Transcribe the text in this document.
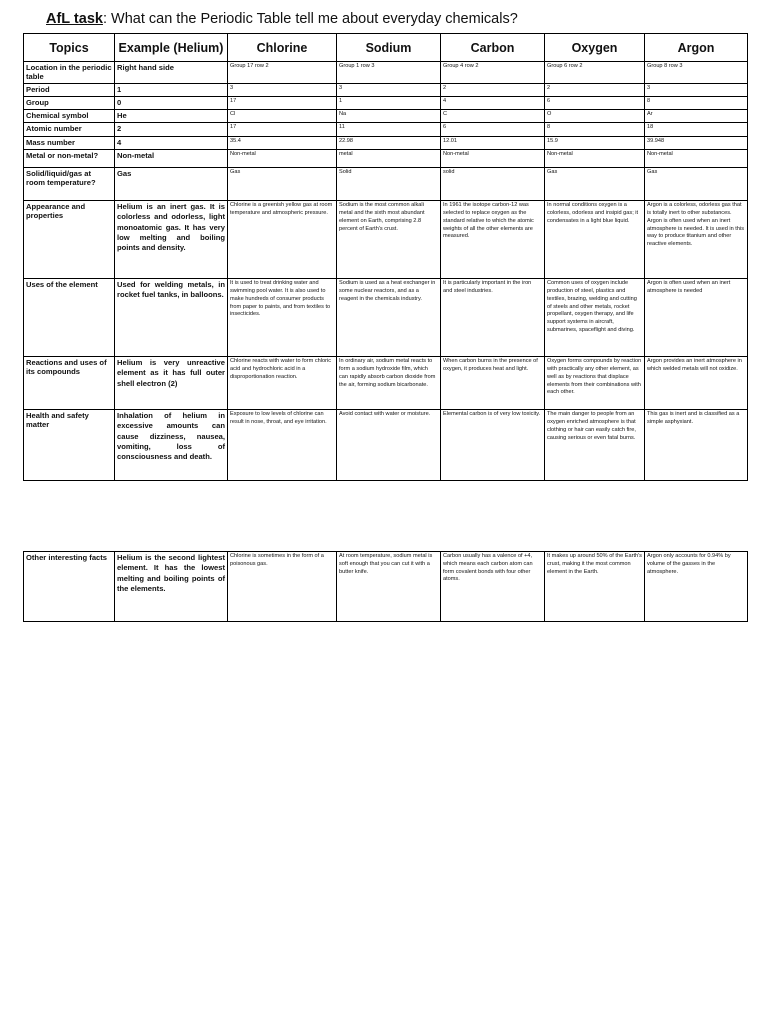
AfL task: What can the Periodic Table tell me about everyday chemicals?
Topics	Example (Helium)	Chlorine	Sodium	Carbon	Oxygen	Argon
Location in the periodic table	Right hand side	Group 17 row 2	Group 1 row 3	Group 4 row 2	Group 6 row 2	Group 8 row 3
Period	1	3	3	2	2	3
Group	0	17	1	4	6	8
Chemical symbol	He	Cl	Na	C	O	Ar
Atomic number	2	17	11	6	8	18
Mass number	4	35.4	22.98	12.01	15.9	39.948
Metal or non-metal?	Non-metal	Non-metal	metal	Non-metal	Non-metal	Non-metal
Solid/liquid/gas at room temperature?	Gas	Gas	Solid	solid	Gas	Gas
Appearance and properties	Helium is an inert gas. It is colorless and odorless, light monoatomic gas. It has very low melting and boiling points and density.	Chlorine is a greenish yellow gas at room temperature and atmospheric pressure.	Sodium is the most common alkali metal and the sixth most abundant element on Earth, comprising 2.8 percent of Earth's crust.	In 1961 the isotope carbon-12 was selected to replace oxygen as the standard relative to which the atomic weights of all the other elements are measured.	In normal conditions oxygen is a colorless, odorless and insipid gas; it condensates in a light blue liquid.	Argon is a colorless, odorless gas that is totally inert to other substances. Argon is often used when an inert atmosphere is needed. It is used in this way to produce titanium and other reactive elements.
Uses of the element	Used for welding metals, in rocket fuel tanks, in balloons.	It is used to treat drinking water and swimming pool water. It is also used to make hundreds of consumer products from paper to paints, and from textiles to insecticides.	Sodium is used as a heat exchanger in some nuclear reactors, and as a reagent in the chemicals industry.	It is particularly important in the iron and steel industries.	Common uses of oxygen include production of steel, plastics and textiles, brazing, welding and cutting of steels and other metals, rocket propellant, oxygen therapy, and life support systems in aircraft, submarines, spaceflight and diving.	Argon is often used when an inert atmosphere is needed
Reactions and uses of its compounds	Helium is very unreactive element as it has full outer shell electron (2)	Chlorine reacts with water to form chloric acid and hydrochloric acid in a disproportionation reaction.	In ordinary air, sodium metal reacts to form a sodium hydroxide film, which can rapidly absorb carbon dioxide from the air, forming sodium bicarbonate.	When carbon burns in the presence of oxygen, it produces heat and light.	Oxygen forms compounds by reaction with practically any other element, as well as by reactions that displace elements from their combinations with each other.	Argon provides an inert atmosphere in which welded metals will not oxidize.
Health and safety matter	Inhalation of helium in excessive amounts can cause dizziness, nausea, vomiting, loss of consciousness and death.	Exposure to low levels of chlorine can result in nose, throat, and eye irritation.	Avoid contact with water or moisture.	Elemental carbon is of very low toxicity.	The main danger to people from an oxygen enriched atmosphere is that clothing or hair can easily catch fire, causing serious or even fatal burns.	This gas is inert and is classified as a simple asphyxiant.
Other interesting facts	Helium is the second lightest element. It has the lowest melting and boiling points of the elements.	Chlorine is sometimes in the form of a poisonous gas.	At room temperature, sodium metal is soft enough that you can cut it with a butter knife.	Carbon usually has a valence of +4, which means each carbon atom can form covalent bonds with four other atoms.	It makes up around 50% of the Earth's crust, making it the most common element in the Earth.	Argon only accounts for 0.94% by volume of the gasses in the atmosphere.
